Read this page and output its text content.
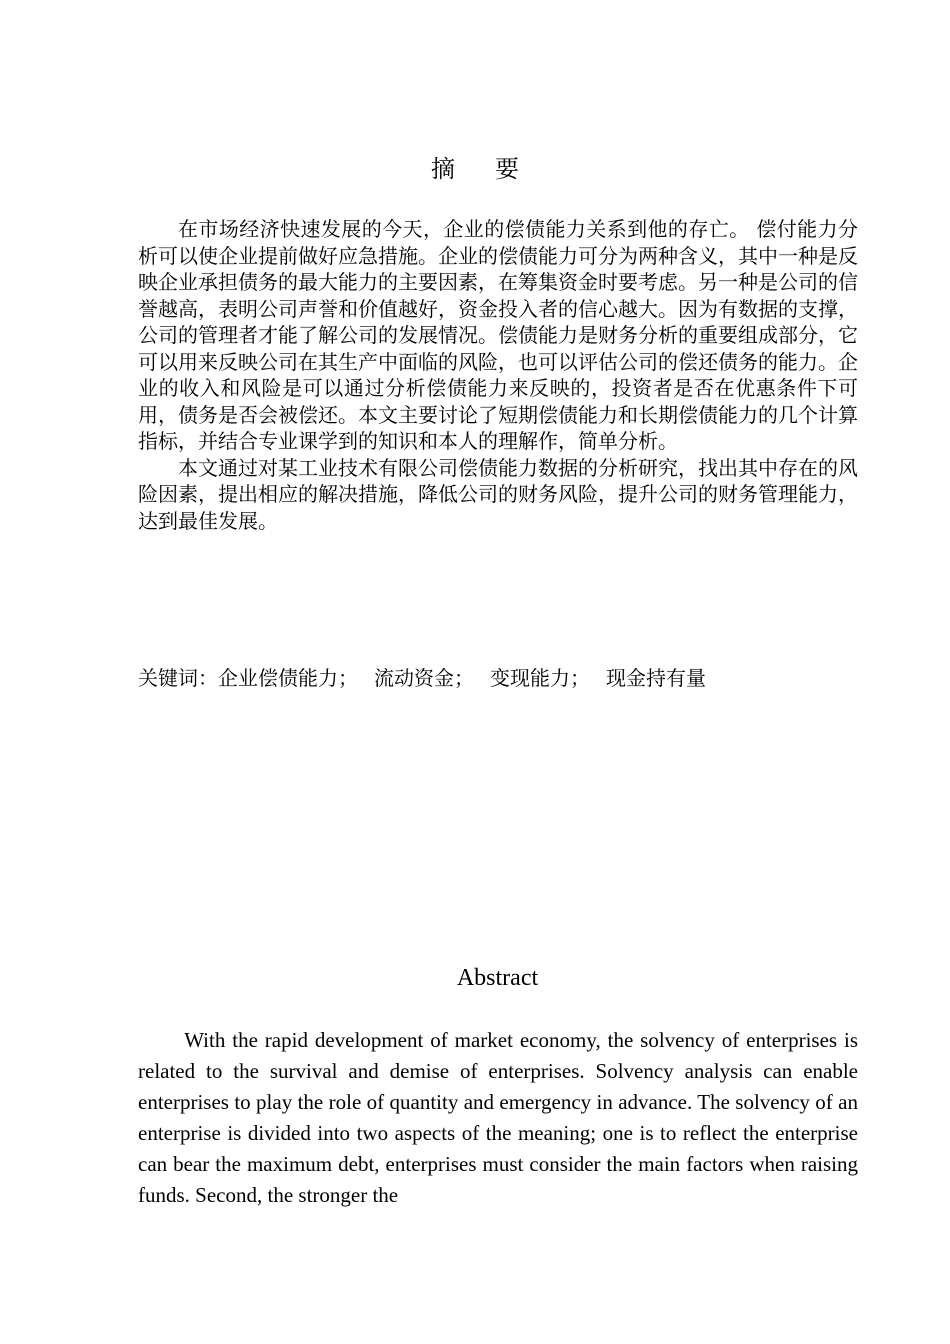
摘要

在市场经济快速发展的今天，企业的偿债能力关系到他的存亡。 偿付能力分析可以使企业提前做好应急措施。企业的偿债能力可分为两种含义，其中一种是反映企业承担债务的最大能力的主要因素，在筹集资金时要考虑。另一种是公司的信誉越高，表明公司声誉和价值越好，资金投入者的信心越大。因为有数据的支撑，公司的管理者才能了解公司的发展情况。偿债能力是财务分析的重要组成部分，它可以用来反映公司在其生产中面临的风险，也可以评估公司的偿还债务的能力。企业的收入和风险是可以通过分析偿债能力来反映的，投资者是否在优惠条件下可用，债务是否会被偿还。本文主要讨论了短期偿债能力和长期偿债能力的几个计算指标，并结合专业课学到的知识和本人的理解作，简单分析。

本文通过对某工业技术有限公司偿债能力数据的分析研究，找出其中存在的风险因素，提出相应的解决措施，降低公司的财务风险，提升公司的财务管理能力，达到最佳发展。

关键词：企业偿债能力； 流动资金； 变现能力； 现金持有量
Abstract

With the rapid development of market economy, the solvency of enterprises is related to the survival and demise of enterprises. Solvency analysis can enable enterprises to play the role of quantity and emergency in advance. The solvency of an enterprise is divided into two aspects of the meaning; one is to reflect the enterprise can bear the maximum debt, enterprises must consider the main factors when raising funds. Second, the stronger the
